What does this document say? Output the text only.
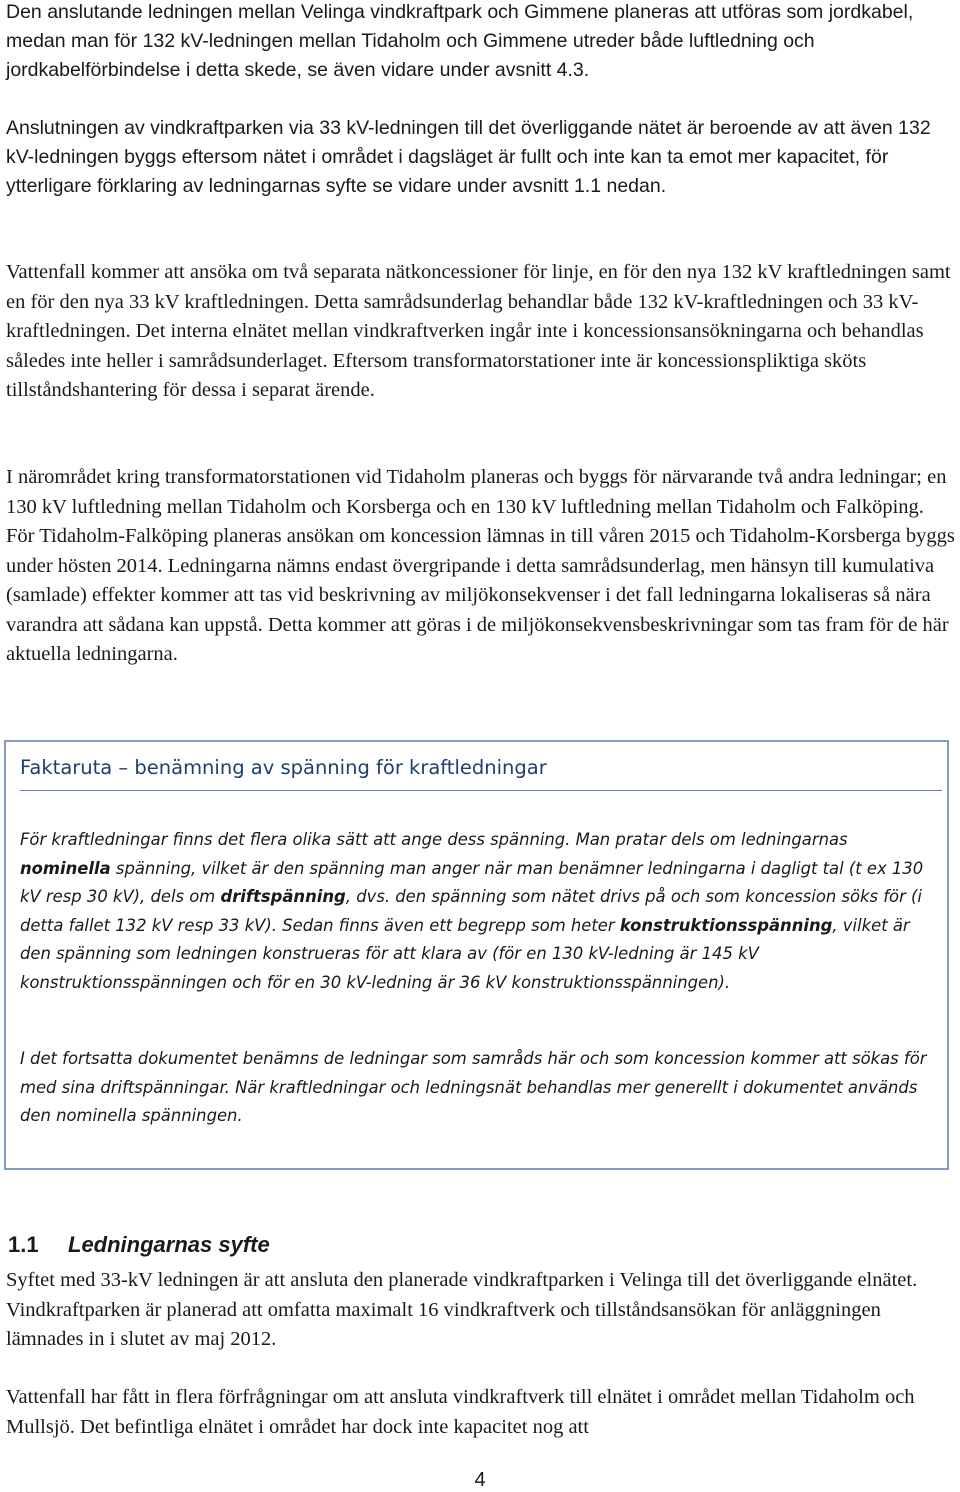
Den anslutande ledningen mellan Velinga vindkraftpark och Gimmene planeras att utföras som jordkabel, medan man för 132 kV-ledningen mellan Tidaholm och Gimmene utreder både luftledning och jordkabelförbindelse i detta skede, se även vidare under avsnitt 4.3.

Anslutningen av vindkraftparken via 33 kV-ledningen till det överliggande nätet är beroende av att även 132 kV-ledningen byggs eftersom nätet i området i dagsläget är fullt och inte kan ta emot mer kapacitet, för ytterligare förklaring av ledningarnas syfte se vidare under avsnitt 1.1 nedan.

Vattenfall kommer att ansöka om två separata nätkoncessioner för linje, en för den nya 132 kV kraftledningen samt en för den nya 33 kV kraftledningen. Detta samrådsunderlag behandlar både 132 kV-kraftledningen och 33 kV-kraftledningen. Det interna elnätet mellan vindkraftverken ingår inte i koncessionsansökningarna och behandlas således inte heller i samrådsunderlaget. Eftersom transformatorstationer inte är koncessionspliktiga sköts tillståndshantering för dessa i separat ärende.

I närområdet kring transformatorstationen vid Tidaholm planeras och byggs för närvarande två andra ledningar; en 130 kV luftledning mellan Tidaholm och Korsberga och en 130 kV luftledning mellan Tidaholm och Falköping. För Tidaholm-Falköping planeras ansökan om koncession lämnas in till våren 2015 och Tidaholm-Korsberga byggs under hösten 2014. Ledningarna nämns endast övergripande i detta samrådsunderlag, men hänsyn till kumulativa (samlade) effekter kommer att tas vid beskrivning av miljökonsekvenser i det fall ledningarna lokaliseras så nära varandra att sådana kan uppstå. Detta kommer att göras i de miljökonsekvensbeskrivningar som tas fram för de här aktuella ledningarna.

Faktaruta – benämning av spänning för kraftledningar

För kraftledningar finns det flera olika sätt att ange dess spänning. Man pratar dels om ledningarnas nominella spänning, vilket är den spänning man anger när man benämner ledningarna i dagligt tal (t ex 130 kV resp 30 kV), dels om driftspänning, dvs. den spänning som nätet drivs på och som koncession söks för (i detta fallet 132 kV resp 33 kV). Sedan finns även ett begrepp som heter konstruktionsspänning, vilket är den spänning som ledningen konstrueras för att klara av (för en 130 kV-ledning är 145 kV konstruktionsspänningen och för en 30 kV-ledning är 36 kV konstruktionsspänningen).

I det fortsatta dokumentet benämns de ledningar som samråds här och som koncession kommer att sökas för med sina driftspänningar. När kraftledningar och ledningsnät behandlas mer generellt i dokumentet används den nominella spänningen.

1.1 Ledningarnas syfte

Syftet med 33-kV ledningen är att ansluta den planerade vindkraftparken i Velinga till det överliggande elnätet. Vindkraftparken är planerad att omfatta maximalt 16 vindkraftverk och tillståndsansökan för anläggningen lämnades in i slutet av maj 2012.

Vattenfall har fått in flera förfrågningar om att ansluta vindkraftverk till elnätet i området mellan Tidaholm och Mullsjö. Det befintliga elnätet i området har dock inte kapacitet nog att

4
